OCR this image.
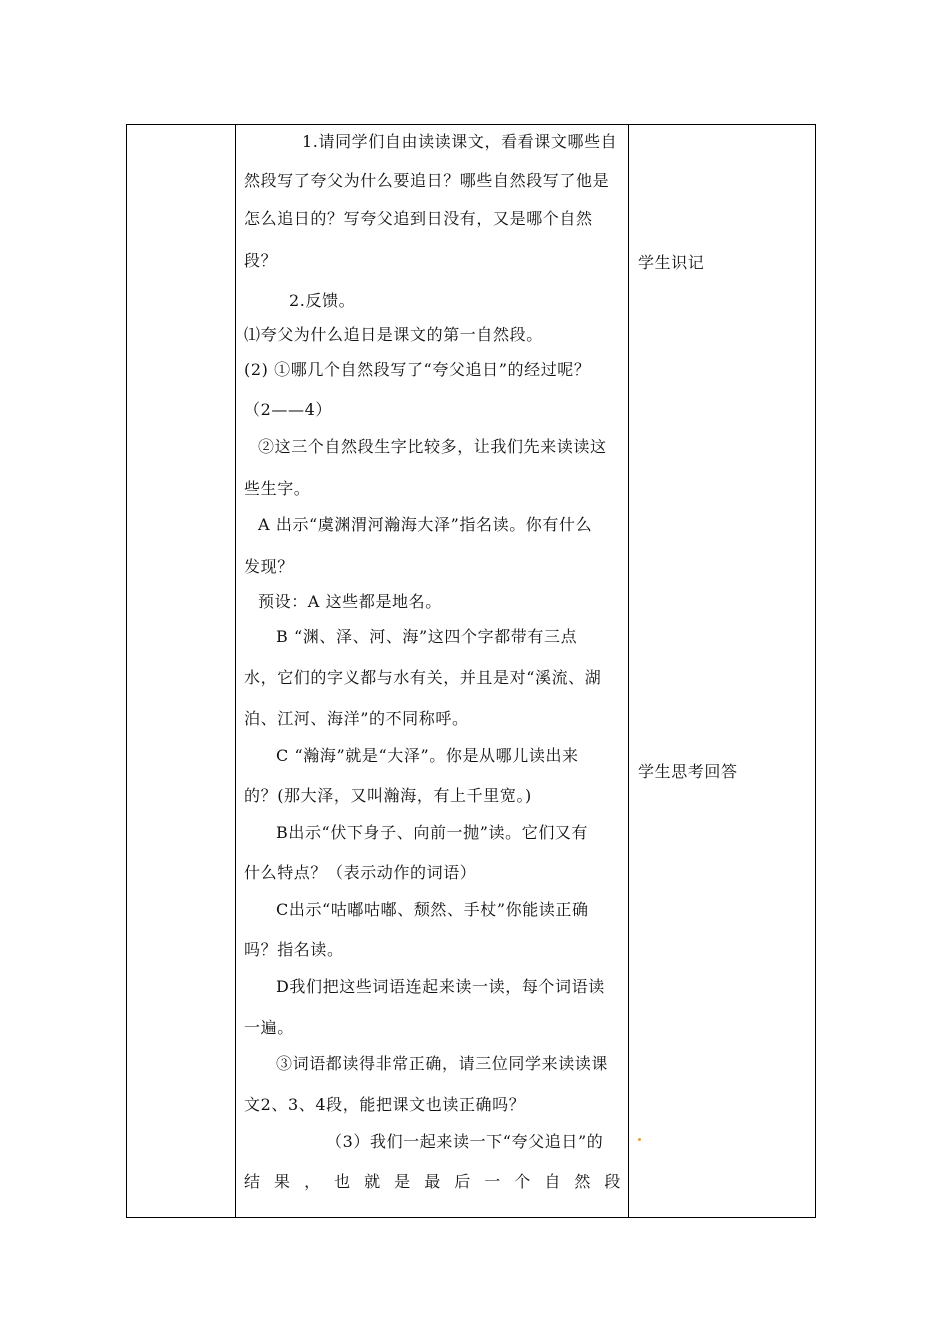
1.请同学们自由读读课文，看看课文哪些自
然段写了夸父为什么要追日？哪些自然段写了他是
怎么追日的？写夸父追到日没有，又是哪个自然
段？
2.反馈。
⑴夸父为什么追日是课文的第一自然段。
(2) ①哪几个自然段写了“夸父追日”的经过呢？
（2——4）
②这三个自然段生字比较多，让我们先来读读这
些生字。
A 出示“虞渊渭河瀚海大泽”指名读。你有什么
发现？
预设：A 这些都是地名。
B “渊、泽、河、海”这四个字都带有三点
水，它们的字义都与水有关，并且是对“溪流、湖
泊、江河、海洋”的不同称呼。
C “瀚海”就是“大泽”。你是从哪儿读出来
的？(那大泽，又叫瀚海，有上千里宽。)
B出示“伏下身子、向前一抛”读。它们又有
什么特点？（表示动作的词语）
C出示“咕嘟咕嘟、颓然、手杖”你能读正确
吗？指名读。
D我们把这些词语连起来读一读，每个词语读
一遍。
③词语都读得非常正确，请三位同学来读读课
文2、3、4段，能把课文也读正确吗？
（3）我们一起来读一下“夸父追日”的
结 果 ， 也 就 是 最 后 一 个 自 然 段
学生识记
学生思考回答
